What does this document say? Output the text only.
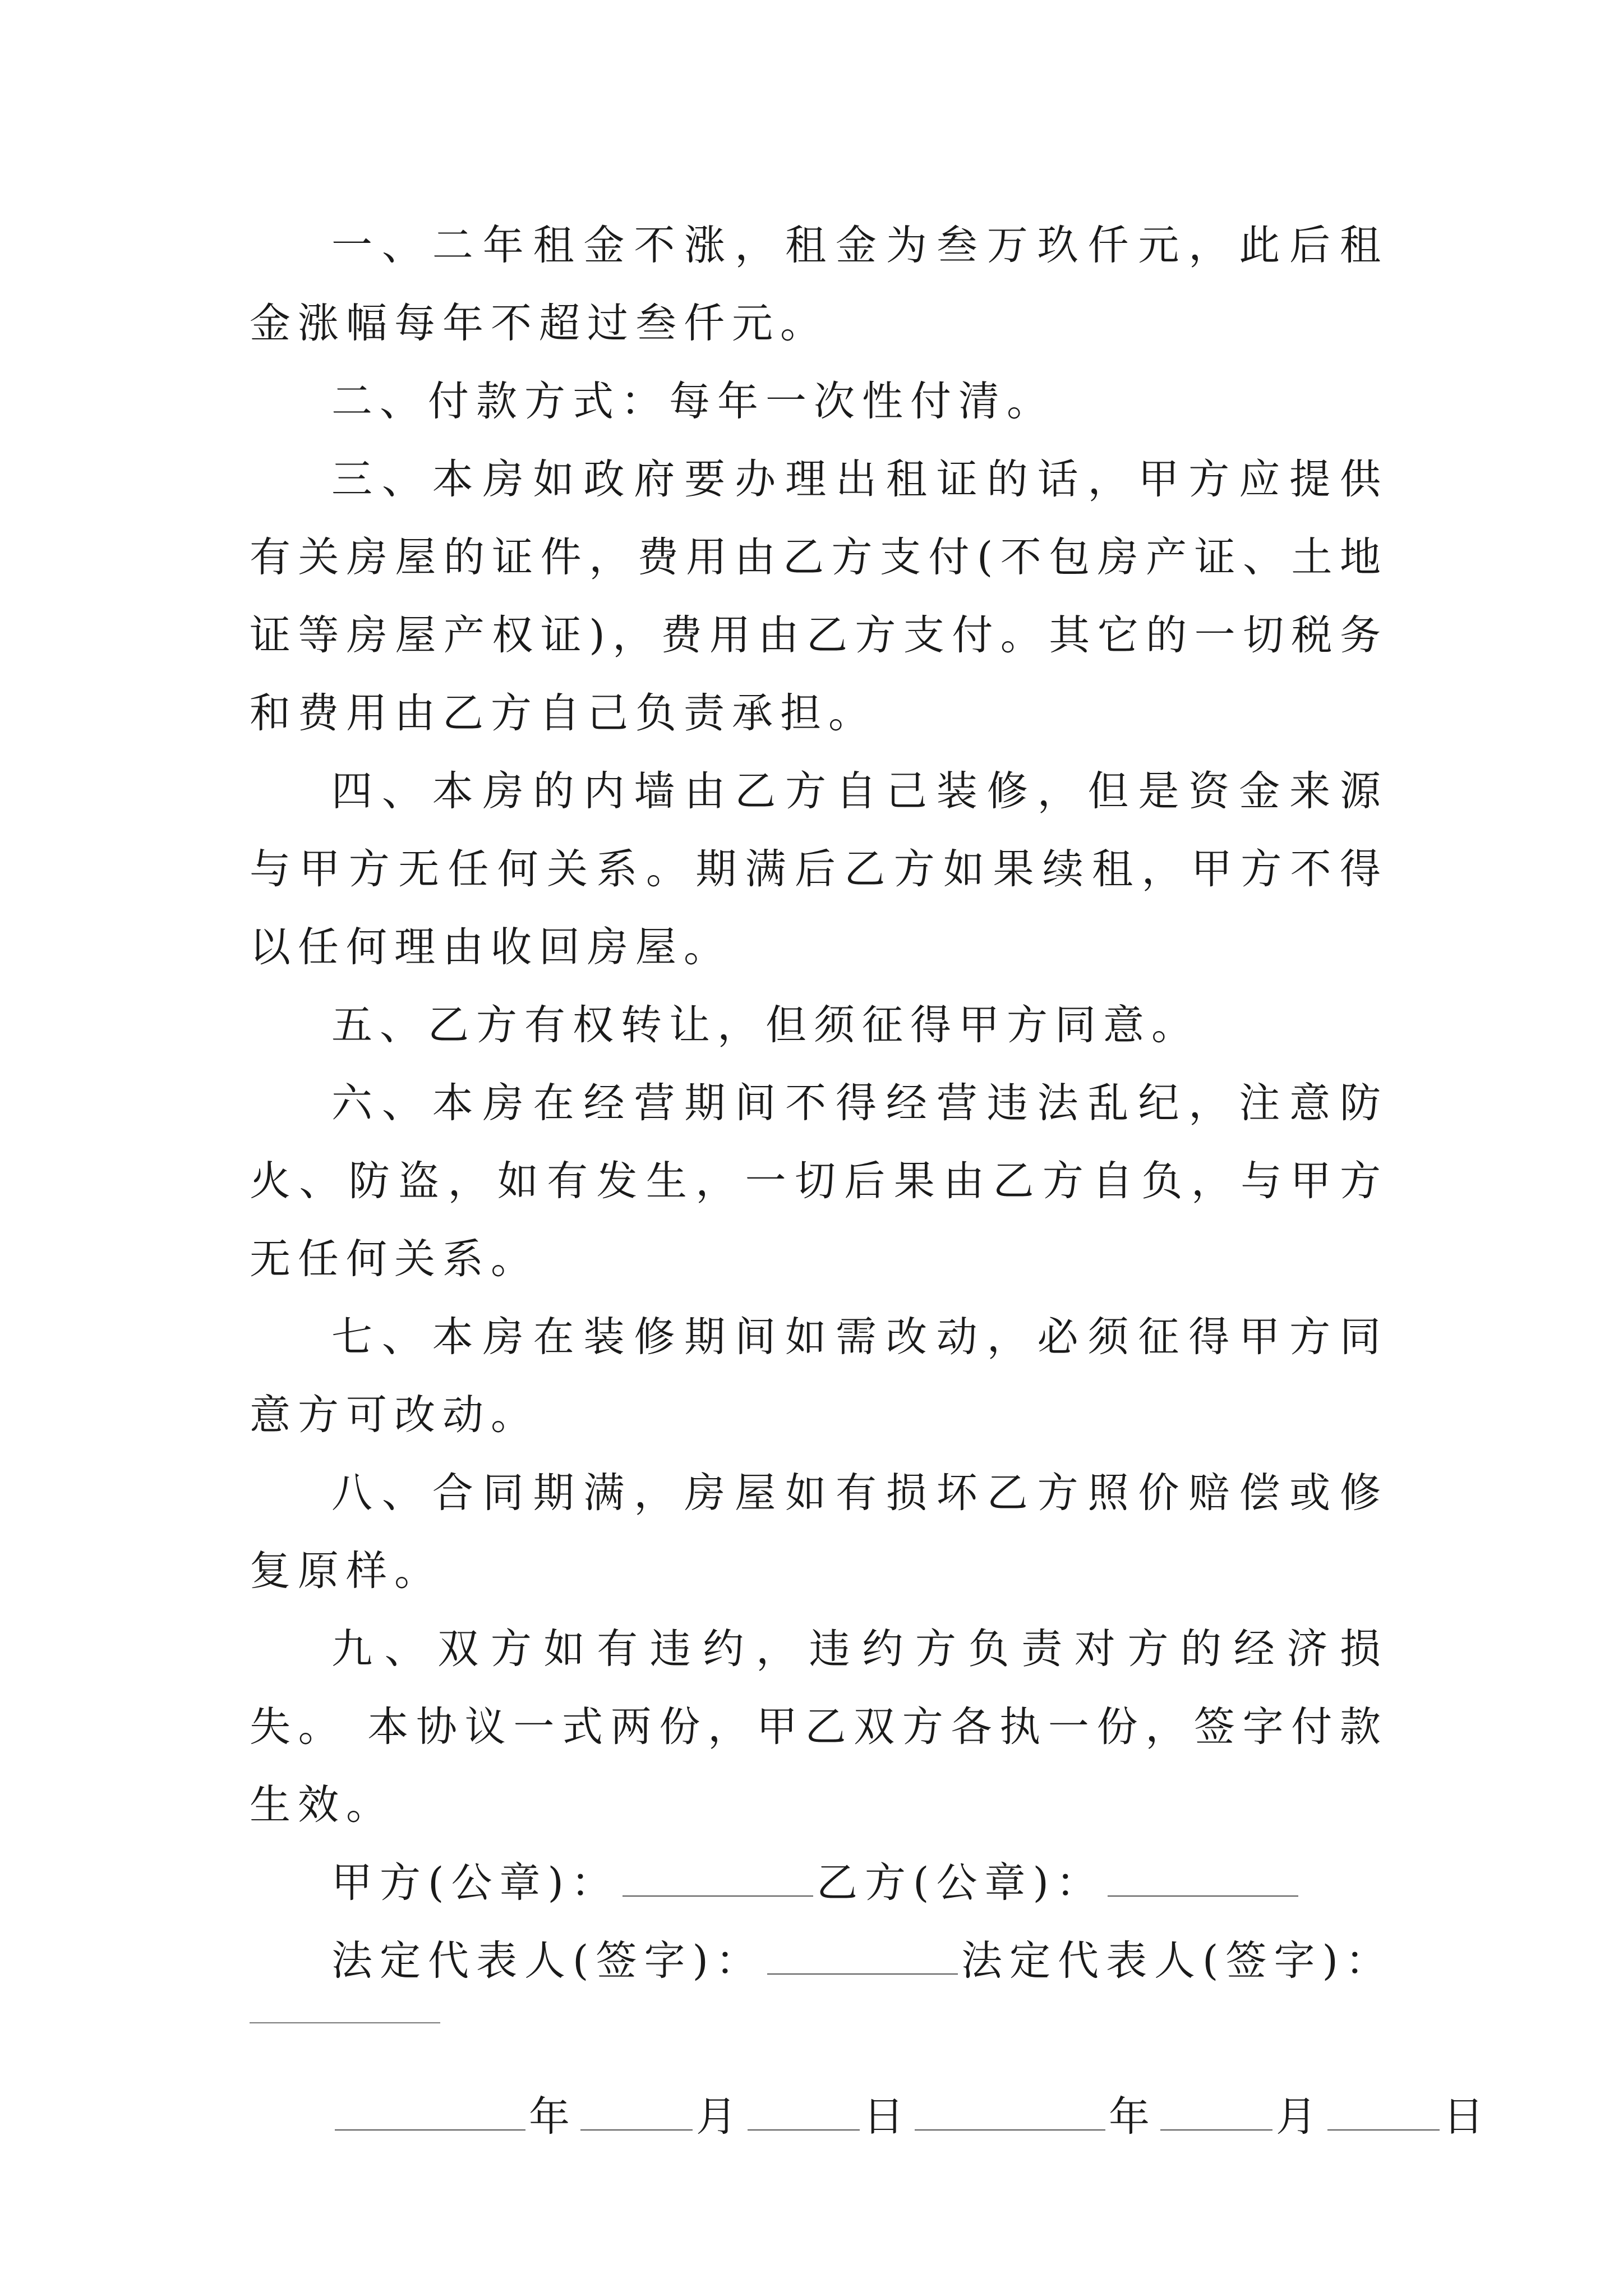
一、二年租金不涨，租金为叁万玖仟元，此后租金涨幅每年不超过叁仟元。

二、付款方式：每年一次性付清。

三、本房如政府要办理出租证的话，甲方应提供有关房屋的证件，费用由乙方支付(不包房产证、土地证等房屋产权证)，费用由乙方支付。其它的一切税务和费用由乙方自己负责承担。

四、本房的内墙由乙方自己装修，但是资金来源与甲方无任何关系。期满后乙方如果续租，甲方不得以任何理由收回房屋。

五、乙方有权转让，但须征得甲方同意。

六、本房在经营期间不得经营违法乱纪，注意防火、防盗，如有发生，一切后果由乙方自负，与甲方无任何关系。

七、本房在装修期间如需改动，必须征得甲方同意方可改动。

八、合同期满，房屋如有损坏乙方照价赔偿或修复原样。

九、双方如有违约，违约方负责对方的经济损失。 本协议一式两份，甲乙双方各执一份，签字付款生效。

甲方(公章)：	乙方(公章)：

法定代表人(签字)：	法定代表人(签字)：

年	月	日	年	月	日
